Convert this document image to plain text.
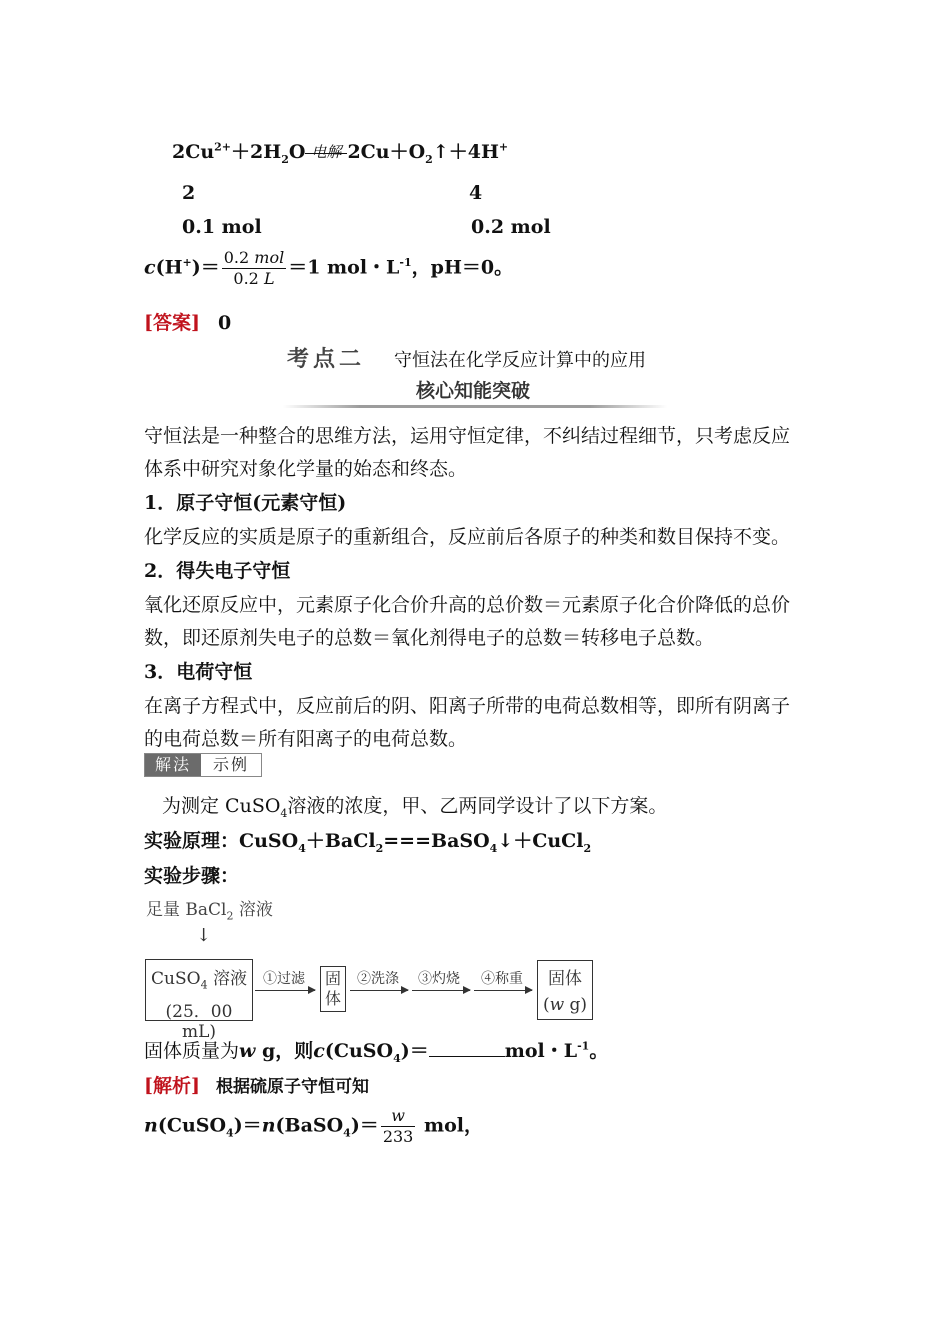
$2Cu^{2+}+2H_2O$ 电解 $2Cu+O_2↑+4H^+$
2	4
0.1 mol	0.2 mol
$c(H^+)= \frac{\text{0.2 mol}}{0.2 L} =1$ mol・$L^{-1}$，pH＝0。
[答案] 0
考点二 守恒法在化学反应计算中的应用
核心知能突破
守恒法是一种整合的思维方法，运用守恒定律，不纠结过程细节，只考虑反应
体系中研究对象化学量的始态和终态。
1．原子守恒(元素守恒)
化学反应的实质是原子的重新组合，反应前后各原子的种类和数目保持不变。
2．得失电子守恒
氧化还原反应中，元素原子化合价升高的总价数＝元素原子化合价降低的总价
数，即还原剂失电子的总数＝氧化剂得电子的总数＝转移电子总数。
3．电荷守恒
在离子方程式中，反应前后的阴、阳离子所带的电荷总数相等，即所有阴离子
的电荷总数＝所有阳离子的电荷总数。
解法	示例
为测定 CuSO$_4$溶液的浓度，甲、乙两同学设计了以下方案。
实验原理：CuSO$_4$＋BaCl$_2$===BaSO$_4$↓＋CuCl$_2$
实验步骤：
足量 BaCl$_2$ 溶液
↓
CuSO$_4$ 溶液
(25．00 mL)
①过滤	固体
②洗涤 ③灼烧 ④称重	固体
(w g)
固体质量为w g，则c(CuSO$_4$)＝	mol・$L^{-1}$。
[解析] 根据硫原子守恒可知
n(CuSO$_4$)＝n(BaSO$_4$)＝ $\frac{w}{233}$ mol，
